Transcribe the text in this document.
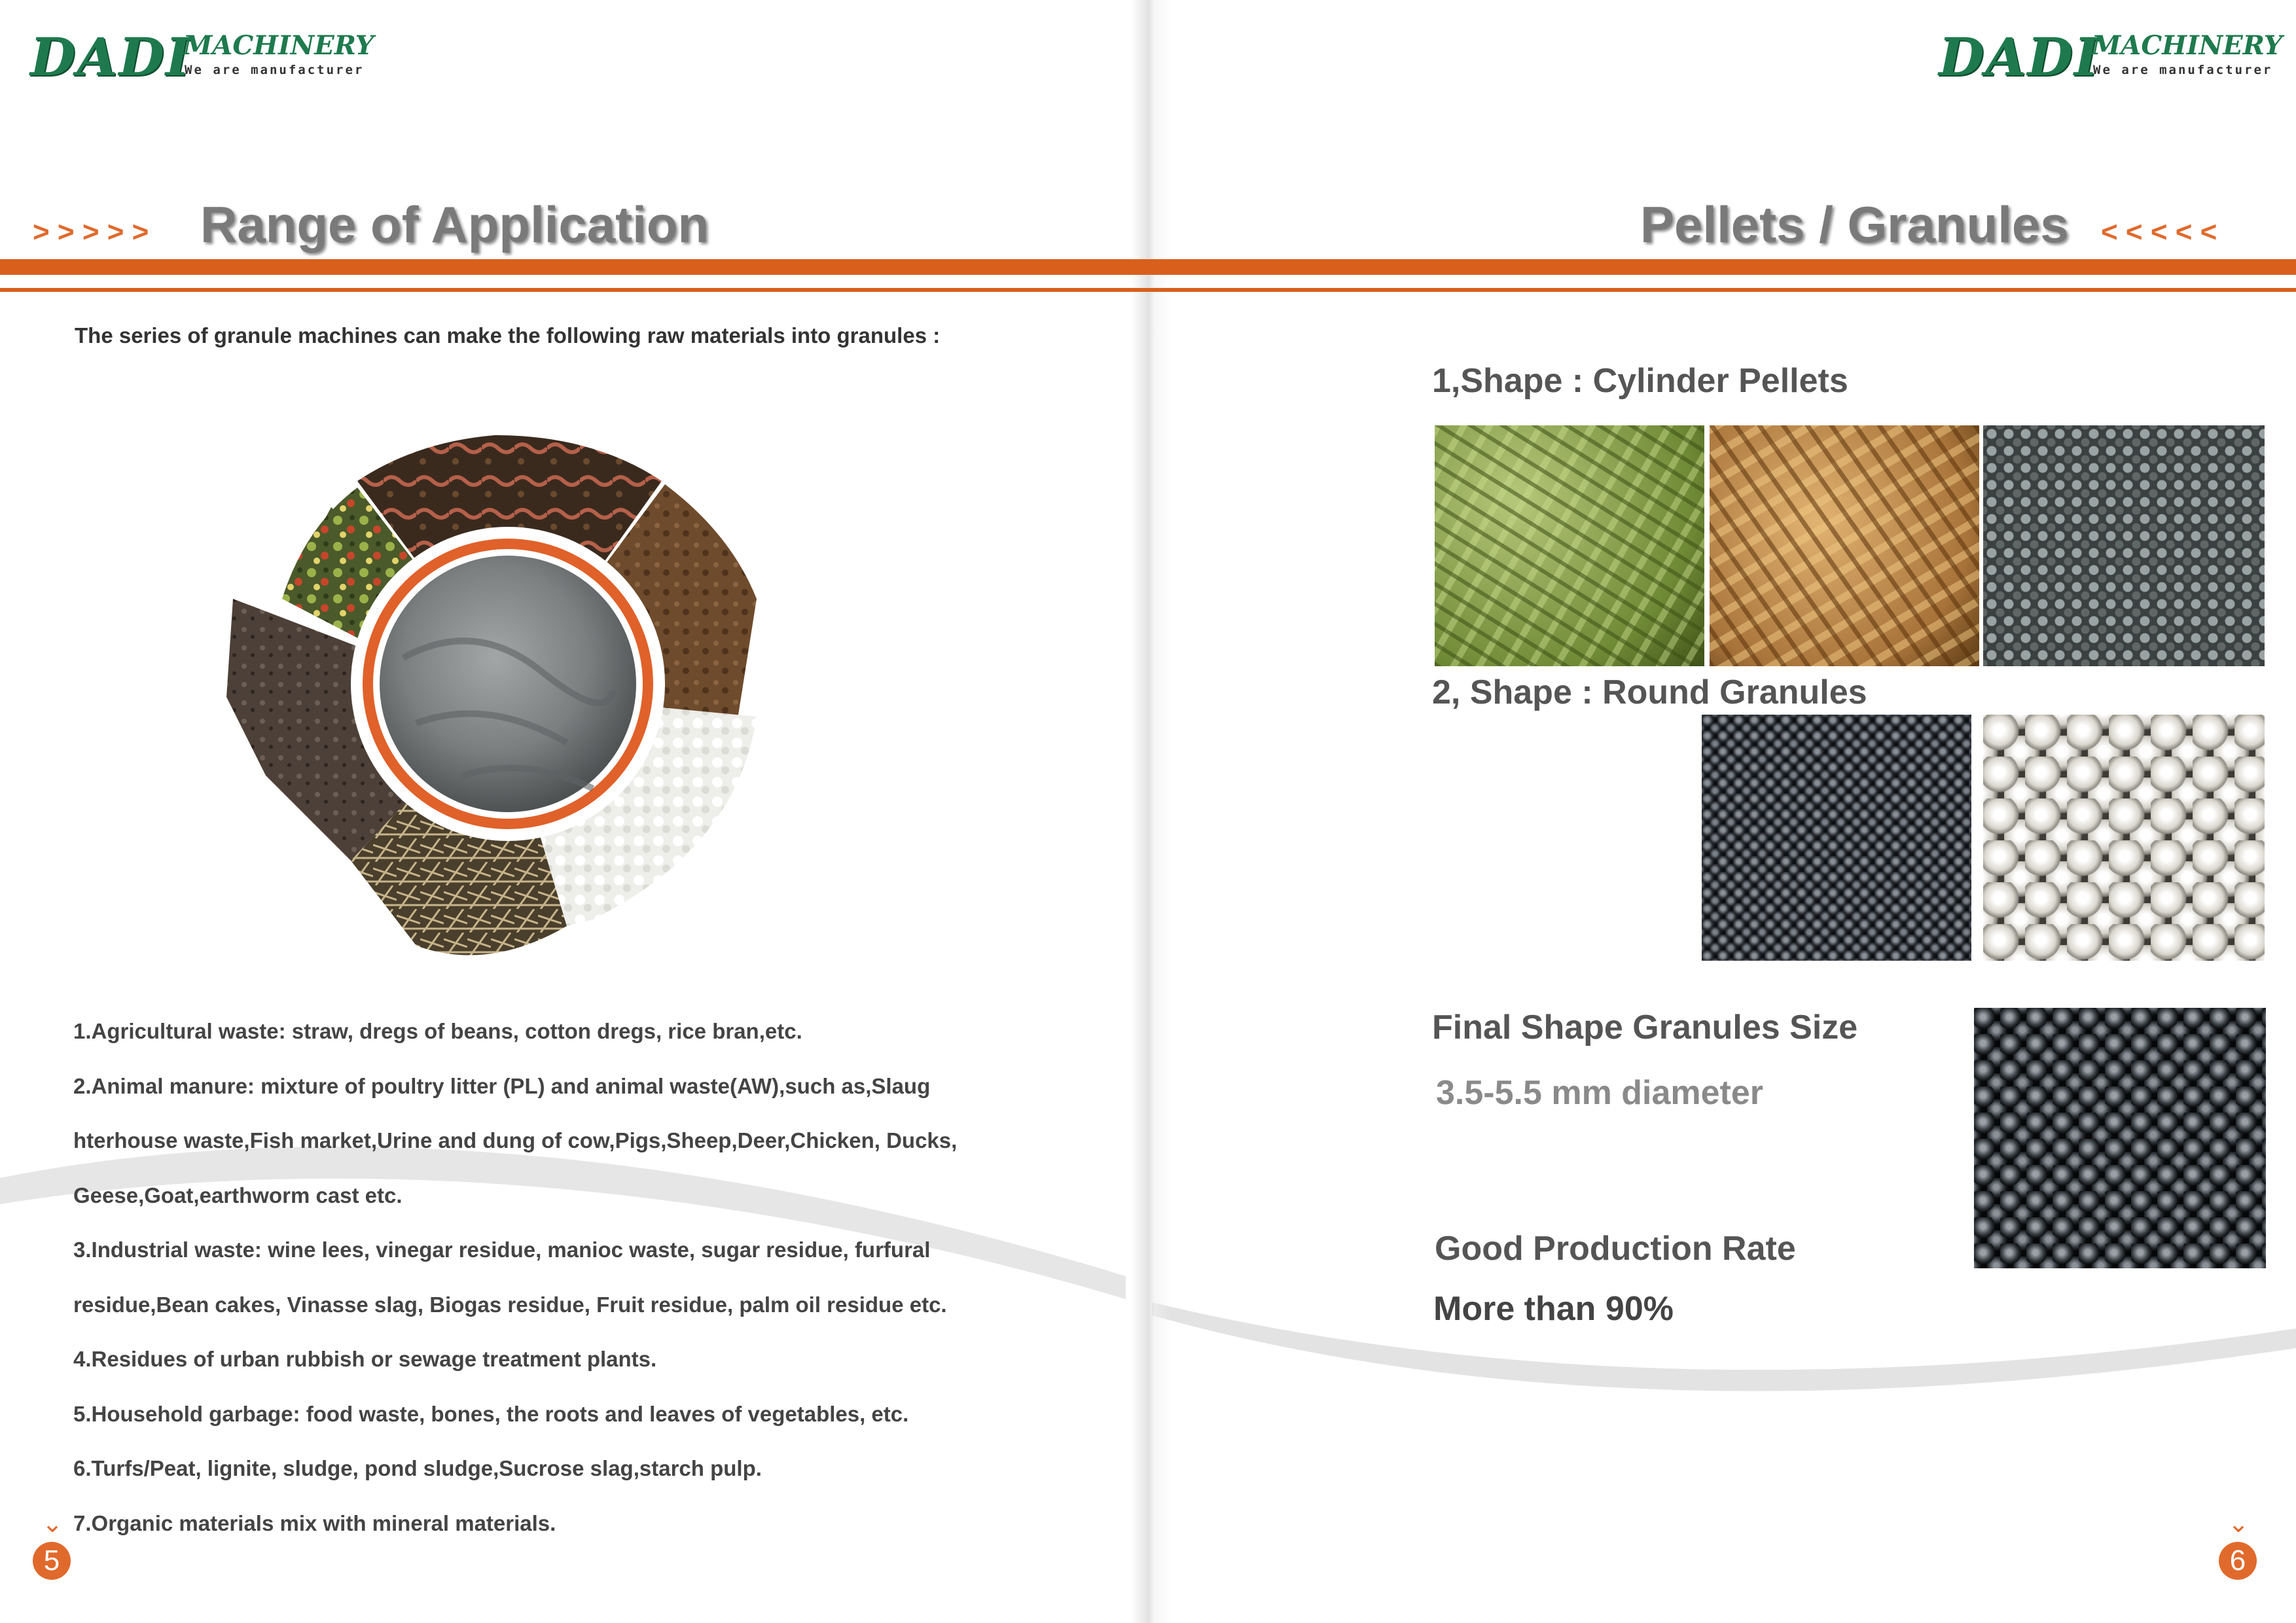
DADI
MACHINERY
We are manufacturer	DADI
MACHINERY
We are manufacturer
> > > > > Range of Application	Pellets / Granules < < < < <
The series of granule machines can make the following raw materials into granules :
1.Agricultural waste: straw, dregs of beans, cotton dregs, rice bran,etc.
2.Animal manure: mixture of poultry litter (PL) and animal waste(AW),such as,Slaug
hterhouse waste,Fish market,Urine and dung of cow,Pigs,Sheep,Deer,Chicken, Ducks,
Geese,Goat,earthworm cast etc.
3.Industrial waste: wine lees, vinegar residue, manioc waste, sugar residue, furfural
residue,Bean cakes, Vinasse slag, Biogas residue, Fruit residue, palm oil residue etc.
4.Residues of urban rubbish or sewage treatment plants.
5.Household garbage: food waste, bones, the roots and leaves of vegetables, etc.
6.Turfs/Peat, lignite, sludge, pond sludge,Sucrose slag,starch pulp.
7.Organic materials mix with mineral materials.
⌄
5
⌄
6
1,Shape : Cylinder Pellets
2, Shape : Round Granules
Final Shape Granules Size
3.5-5.5 mm diameter
Good Production Rate
More than 90%
